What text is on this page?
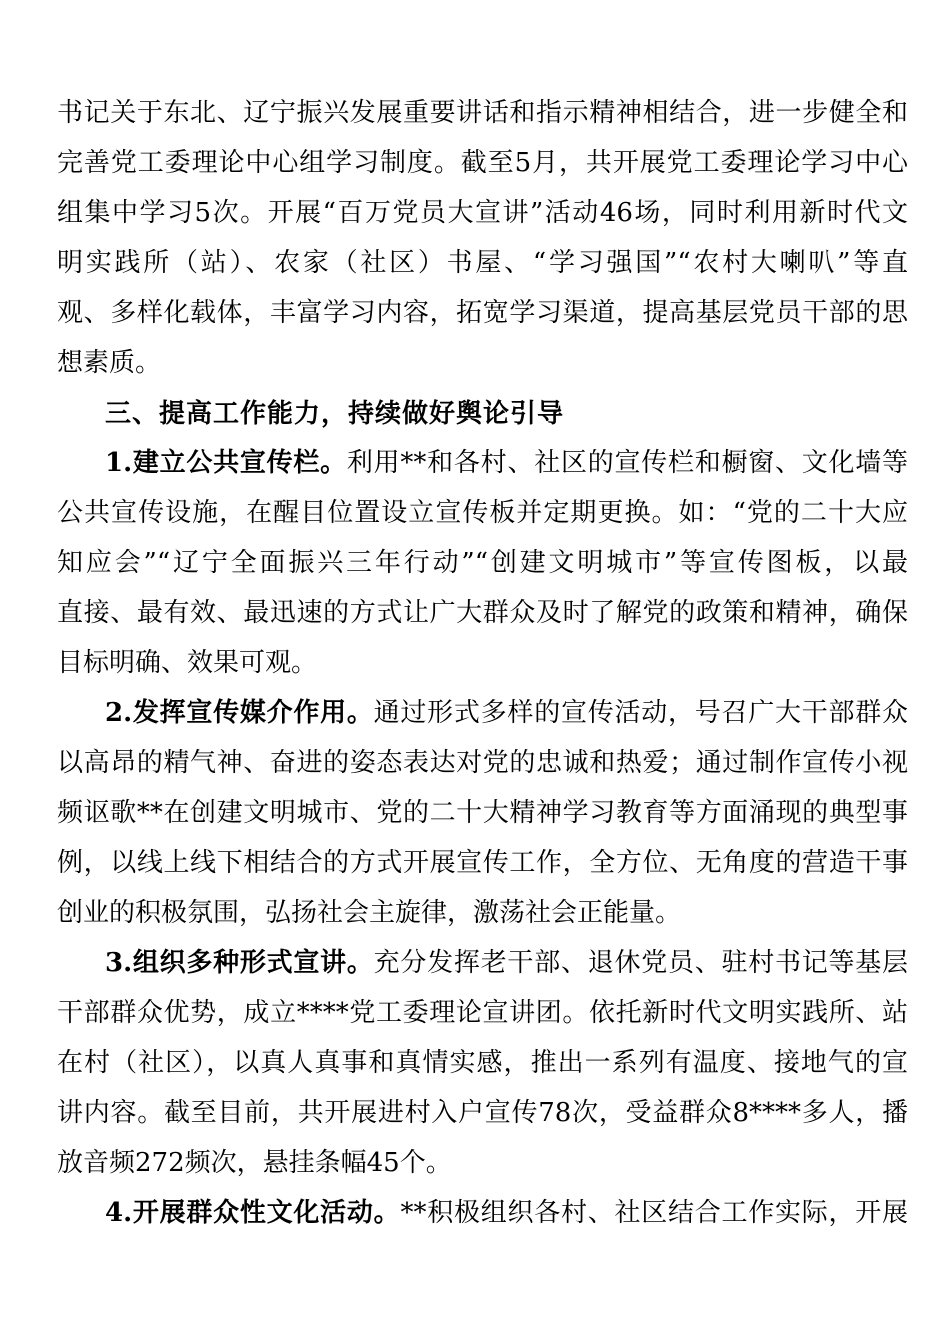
书记关于东北、辽宁振兴发展重要讲话和指示精神相结合，进一步健全和
完善党工委理论中心组学习制度。截至5月，共开展党工委理论学习中心
组集中学习5次。开展“百万党员大宣讲”活动46场，同时利用新时代文
明实践所（站）、农家（社区）书屋、“学习强国”“农村大喇叭”等直
观、多样化载体，丰富学习内容，拓宽学习渠道，提高基层党员干部的思
想素质。
三、提高工作能力，持续做好舆论引导
1.建立公共宣传栏。利用**和各村、社区的宣传栏和橱窗、文化墙等
公共宣传设施，在醒目位置设立宣传板并定期更换。如：“党的二十大应
知应会”“辽宁全面振兴三年行动”“创建文明城市”等宣传图板，以最
直接、最有效、最迅速的方式让广大群众及时了解党的政策和精神，确保
目标明确、效果可观。
2.发挥宣传媒介作用。通过形式多样的宣传活动，号召广大干部群众
以高昂的精气神、奋进的姿态表达对党的忠诚和热爱；通过制作宣传小视
频讴歌**在创建文明城市、党的二十大精神学习教育等方面涌现的典型事
例，以线上线下相结合的方式开展宣传工作，全方位、无角度的营造干事
创业的积极氛围，弘扬社会主旋律，激荡社会正能量。
3.组织多种形式宣讲。充分发挥老干部、退休党员、驻村书记等基层
干部群众优势，成立****党工委理论宣讲团。依托新时代文明实践所、站
在村（社区），以真人真事和真情实感，推出一系列有温度、接地气的宣
讲内容。截至目前，共开展进村入户宣传78次，受益群众8****多人，播
放音频272频次，悬挂条幅45个。
4.开展群众性文化活动。**积极组织各村、社区结合工作实际，开展
